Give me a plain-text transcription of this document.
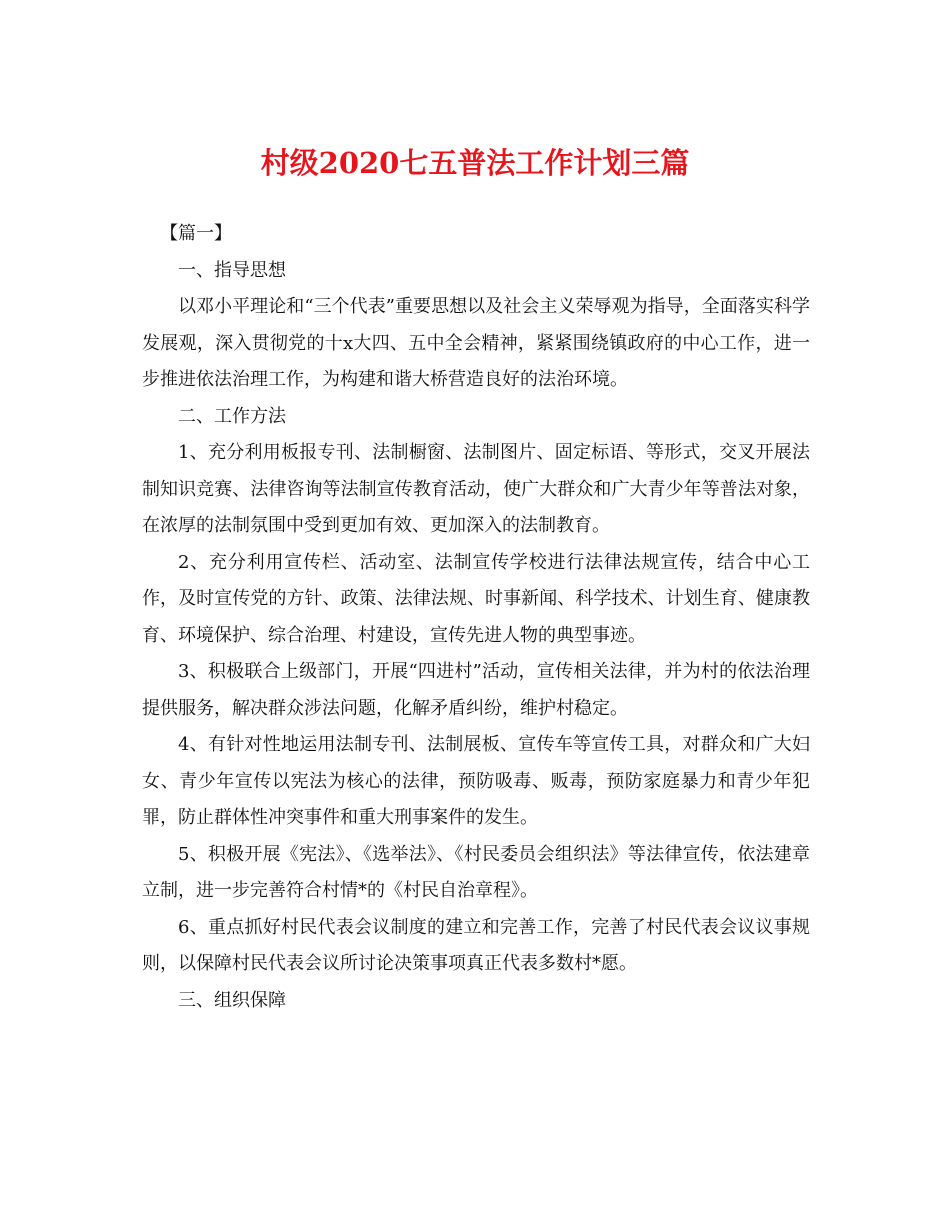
村级2020七五普法工作计划三篇

【篇一】

一、指导思想

以邓小平理论和“三个代表”重要思想以及社会主义荣辱观为指导，全面落实科学发展观，深入贯彻党的十x大四、五中全会精神，紧紧围绕镇政府的中心工作，进一步推进依法治理工作，为构建和谐大桥营造良好的法治环境。

二、工作方法

1、充分利用板报专刊、法制橱窗、法制图片、固定标语、等形式，交叉开展法制知识竞赛、法律咨询等法制宣传教育活动，使广大群众和广大青少年等普法对象，在浓厚的法制氛围中受到更加有效、更加深入的法制教育。

2、充分利用宣传栏、活动室、法制宣传学校进行法律法规宣传，结合中心工作，及时宣传党的方针、政策、法律法规、时事新闻、科学技术、计划生育、健康教育、环境保护、综合治理、村建设，宣传先进人物的典型事迹。

3、积极联合上级部门，开展“四进村”活动，宣传相关法律，并为村的依法治理提供服务，解决群众涉法问题，化解矛盾纠纷，维护村稳定。

4、有针对性地运用法制专刊、法制展板、宣传车等宣传工具，对群众和广大妇女、青少年宣传以宪法为核心的法律，预防吸毒、贩毒，预防家庭暴力和青少年犯罪，防止群体性冲突事件和重大刑事案件的发生。

5、积极开展《宪法》、《选举法》、《村民委员会组织法》等法律宣传，依法建章立制，进一步完善符合村情*的《村民自治章程》。

6、重点抓好村民代表会议制度的建立和完善工作，完善了村民代表会议议事规则，以保障村民代表会议所讨论决策事项真正代表多数村*愿。

三、组织保障
